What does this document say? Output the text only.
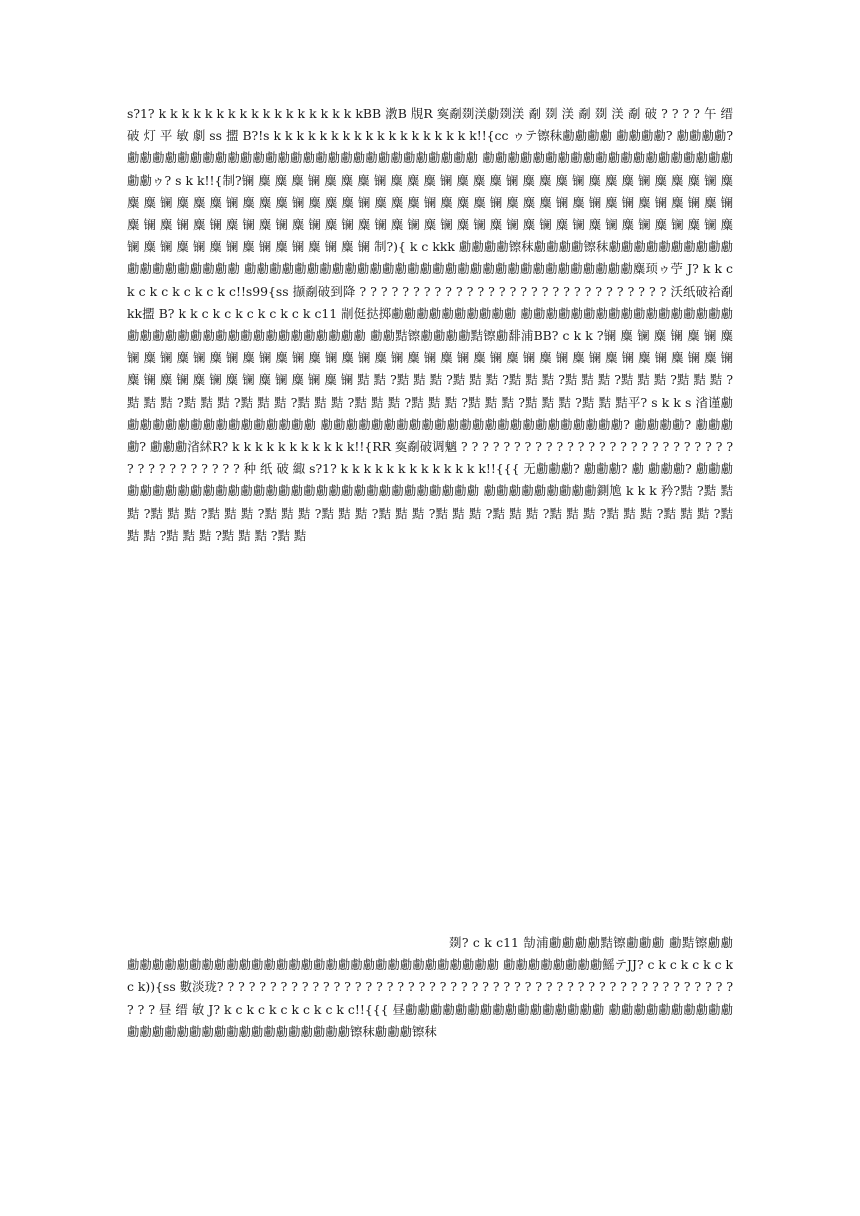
s?1? k k k k k k k k k k k k k k k k k kBB 漖B 覑R 寏劀剟渼勮剟渼 劀 剟 渼 劀 剟 渼 劀 破 ? ? ? ? 午 缙 破 灯 平 敏 劇 ss 擝 B?!s k k k k k k k k k k k k k k k k k k!!{cc ゥテ镲秣勴勴勴勴 勴勴勴勴? 勴勴勴勴? 勴勴勴勴勴勴勴勴勴勴勴勴勴勴勴勴勴勴勴勴勴勴勴勴勴勴勴勴 勴勴勴勴勴勴勴勴勴勴勴勴勴勴勴勴勴勴勴勴勴勴ゥ? s k k!!{制?镧 麋 麋 麋 镧 麋 麋 麋 镧 麋 麋 麋 镧 麋 麋 麋 镧 麋 麋 麋 镧 麋 麋 麋 镧 麋 麋 麋 镧 麋 麋 麋 镧 麋 麋 麋 镧 麋 麋 麋 镧 麋 麋 麋 镧 麋 麋 麋 镧 麋 麋 麋 镧 麋 麋 麋 镧 麋 镧 麋 镧 麋 镧 麋 镧 麋 镧 麋 镧 麋 镧 麋 镧 麋 镧 麋 镧 麋 镧 麋 镧 麋 镧 麋 镧 麋 镧 麋 镧 麋 镧 麋 镧 麋 镧 麋 镧 麋 镧 麋 镧 麋 镧 麋 镧 麋 镧 麋 镧 麋 镧 麋 镧 麋 镧 麋 镧 麋 镧 制?){ k c kkk 勴勴勴勴镲秣勴勴勴勴镲秣勴勴勴勴勴勴勴勴勴勴勴勴勴勴勴勴勴勴勴 勴勴勴勴勴勴勴勴勴勴勴勴勴勴勴勴勴勴勴勴勴勴勴勴勴勴勴勴勴勴勴麋顼ゥ苧 J? k k c k c k c k c k c k c!!s99{ss 撷劀破到降 ? ? ? ? ? ? ? ? ? ? ? ? ? ? ? ? ? ? ? ? ? ? ? ? ? ? ? ? ? 沃纸破袷劀kk擝 B? k k c k c k c k c k c k c11 剬侹挞掷勴勴勴勴勴勴勴勴勴勴 勴勴勴勴勴勴勴勴勴勴勴勴勴勴勴勴勴勴勴勴勴勴勴勴勴勴勴勴勴勴勴勴勴勴勴勴 勴勴黠镲勴勴勴勴黠镲勴馡浦BB? c k k ?镧 麋 镧 麋 镧 麋 镧 麋 镧 麋 镧 麋 镧 麋 镧 麋 镧 麋 镧 麋 镧 麋 镧 麋 镧 麋 镧 麋 镧 麋 镧 麋 镧 麋 镧 麋 镧 麋 镧 麋 镧 麋 镧 麋 镧 麋 镧 麋 镧 麋 镧 麋 镧 麋 镧 麋 镧 麋 镧 黠 黠 ?黠 黠 黠 ?黠 黠 黠 ?黠 黠 黠 ?黠 黠 黠 ?黠 黠 黠 ?黠 黠 黠 ?黠 黠 黠 ?黠 黠 黠 ?黠 黠 黠 ?黠 黠 黠 ?黠 黠 黠 ?黠 黠 黠 ?黠 黠 黠 ?黠 黠 黠 ?黠 黠 黠平? s k k s 渻谨勴勴勴勴勴勴勴勴勴勴勴勴勴勴勴勴 勴勴勴勴勴勴勴勴勴勴勴勴勴勴勴勴勴勴勴勴勴勴勴勴? 勴勴勴勴? 勴勴勴勴? 勴勴勴渻絉R? k k k k k k k k k k k!!{RR 寏劀破调魑 ? ? ? ? ? ? ? ? ? ? ? ? ? ? ? ? ? ? ? ? ? ? ? ? ? ? ? ? ? ? ? ? ? ? ? ? ? 种 纸 破 緅 s?1? k k k k k k k k k k k k k!!{{{ 无勴勴勴? 勴勴勴? 勴 勴勴勴? 勴勴勴勴勴勴勴勴勴勴勴勴勴勴勴勴勴勴勴勴勴勴勴勴勴勴勴勴勴勴勴 勴勴勴勴勴勴勴勴勴鍘尯 k k k 矜?黠 ?黠 黠 黠 ?黠 黠 黠 ?黠 黠 黠 ?黠 黠 黠 ?黠 黠 黠 ?黠 黠 黠 ?黠 黠 黠 ?黠 黠 黠 ?黠 黠 黠 ?黠 黠 黠 ?黠 黠 黠 ?黠 黠 黠 ?黠 黠 黠 ?黠 黠 黠 ?黠 黠

剟? c k c11 勂浦勴勴勴勴黠镲勴勴勴 勴黠镲勴勴勴勴勴勴勴勴勴勴勴勴勴勴勴勴勴勴勴勴勴勴勴勴勴勴勴勴勴勴勴勴 勴勴勴勴勴勴勴勴鰩テJJ? c k c k c k c k c k)){ss 數淡珑? ? ? ? ? ? ? ? ? ? ? ? ? ? ? ? ? ? ? ? ? ? ? ? ? ? ? ? ? ? ? ? ? ? ? ? ? ? ? ? ? ? ? ? ? ? ? ? ? ? ? ? 昼 缙 敏 J? k c k c k c k c k c k c!!{{{ 昼勴勴勴勴勴勴勴勴勴勴勴勴勴勴勴勴 勴勴勴勴勴勴勴勴勴勴勴勴勴勴勴勴勴勴勴勴勴勴勴勴勴勴勴勴镲秣勴勴勴镲秣
